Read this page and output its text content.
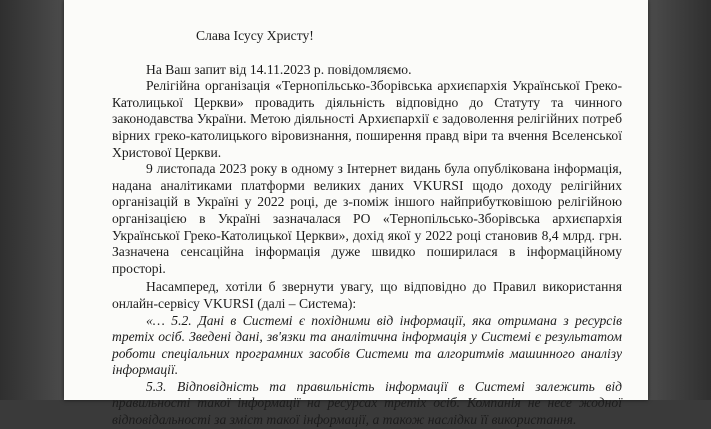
Слава Ісусу Христу!

На Ваш запит від 14.11.2023 р. повідомляємо.

Релігійна організація «Тернопільсько-Зборівська архиєпархія Української Греко-Католицької Церкви» провадить діяльність відповідно до Статуту та чинного законодавства України. Метою діяльності Архиєпархії є задоволення релігійних потреб вірних греко-католицького віровизнання, поширення правд віри та вчення Вселенської Христової Церкви.

9 листопада 2023 року в одному з Інтернет видань була опублікована інформація, надана аналітиками платформи великих даних VKURSI щодо доходу релігійних організацій в Україні у 2022 році, де з-поміж іншого найприбутковішою релігійною організацією в Україні зазначалася РО «Тернопільсько-Зборівська архиєпархія Української Греко-Католицької Церкви», дохід якої у 2022 році становив 8,4 млрд. грн. Зазначена сенсаційна інформація дуже швидко поширилася в інформаційному просторі.

Насамперед, хотіли б звернути увагу, що відповідно до Правил використання онлайн-сервісу VKURSI (далі – Система):

«… 5.2. Дані в Системі є похідними від інформації, яка отримана з ресурсів третіх осіб. Зведені дані, зв'язки та аналітична інформація у Системі є результатом роботи спеціальних програмних засобів Системи та алгоритмів машинного аналізу інформації.

5.3. Відповідність та правильність інформації в Системі залежить від правильності такої інформації на ресурсах третіх осіб. Компанія не несе жодної відповідальності за зміст такої інформації, а також наслідки її використання.
